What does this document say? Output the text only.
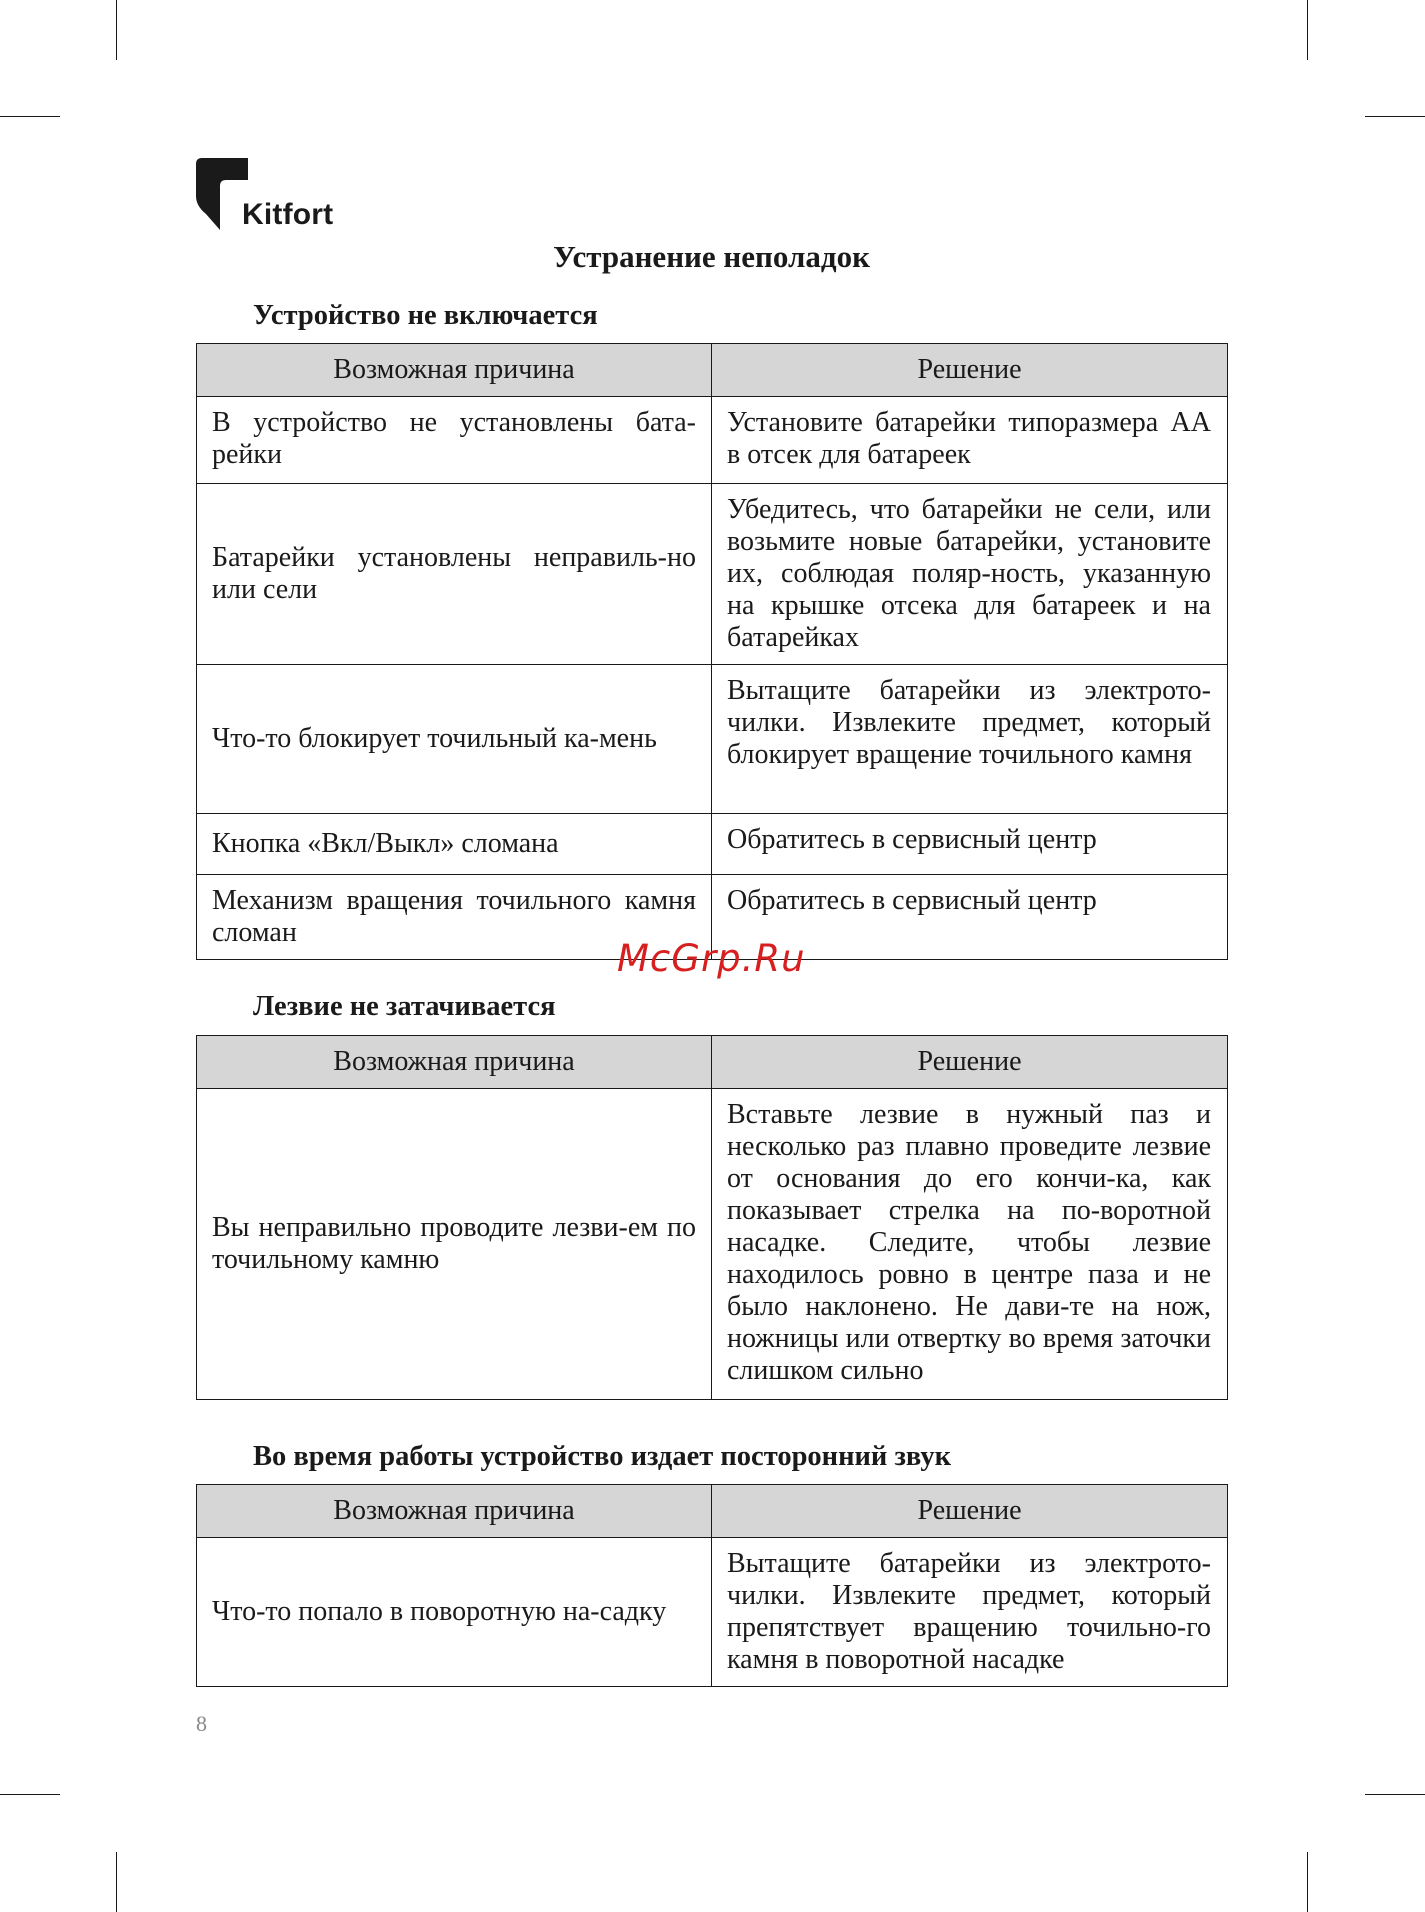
Kitfort
Устранение неполадок
Устройство не включается
Возможная причина	Решение
В устройство не установлены бата-рейки	Установите батарейки типоразмера АА в отсек для батареек
Батарейки установлены неправиль-но или сели	Убедитесь, что батарейки не сели, или возьмите новые батарейки, установите их, соблюдая поляр-ность, указанную на крышке отсека для батареек и на батарейках
Что-то блокирует точильный ка-мень	Вытащите батарейки из электрото-чилки. Извлеките предмет, который блокирует вращение точильного камня
Кнопка «Вкл/Выкл» сломана	Обратитесь в сервисный центр
Механизм вращения точильного камня сломан	Обратитесь в сервисный центр
Лезвие не затачивается
Возможная причина	Решение
Вы неправильно проводите лезви-ем по точильному камню	Вставьте лезвие в нужный паз и несколько раз плавно проведите лезвие от основания до его кончи-ка, как показывает стрелка на по-воротной насадке. Следите, чтобы лезвие находилось ровно в центре паза и не было наклонено. Не дави-те на нож, ножницы или отвертку во время заточки слишком сильно
Во время работы устройство издает посторонний звук
Возможная причина	Решение
Что-то попало в поворотную на-садку	Вытащите батарейки из электрото-чилки. Извлеките предмет, который препятствует вращению точильно-го камня в поворотной насадке
McGrp.Ru
8
